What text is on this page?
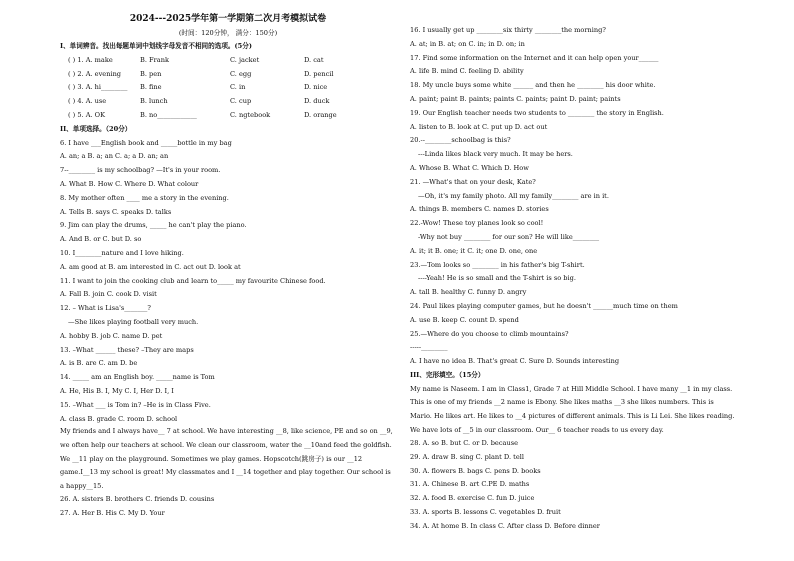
2024---2025学年第一学期第二次月考模拟试卷
(时间：120分钟， 满分：150分)
I、单词辨音。找出每题单词中划线字母发音不相同的选项。(5分)
( ) 1. A. make	B. Frank	C. jacket	D. cat
( ) 2. A. evening	B. pen	C. egg	D. pencil
( ) 3. A. hi________ B. fine	C. in	D. nice
( ) 4. A. use	B. lunch	C. cup	D. duck
( ) 5. A. OK	B. no____________	C. ngtebook	D. orange
II、单项选择。（20分）
6. I have ___English book and _____bottle in my bag
A. an; a B. a; an C. a; a D. an; an
7--________ is my schoolbag? —It's in your room.
A. What B. How C. Where D. What colour
8. My mother often ____ me a story in the evening.
A. Tells B. says C. speaks D. talks
9. Jim can play the drums, _____ he can't play the piano.
A. And B. or C. but D. so
10. I________nature and I love hiking.
A. am good at B. am interested in C. act out D. look at
11. I want to join the cooking club and learn to_____ my favourite Chinese food.
A. Fall B. join C. cook D. visit
12. – What is Lisa's_______?
—She likes playing football very much.
A. hobby B. job C. name D. pet
13. –What ______ these? –They are maps
A. is B. are C. am D. be
14. _____ am an English boy. _____name is Tom
A. He, His B. I, My C. I, Her D. I, I
15. –What ___ is Tom in? –He is in Class Five.
A. class B. grade C. room D. school
My friends and I always have__ 7 at school. We have interesting __8, like science, PE and so on __9, we often help our teachers at school. We clean our classroom, water the __10and feed the goldfish. We __11 play on the playground. Sometimes we play games. Hopscotch(跳房子) is our __12 game.I__13 my school is great! My classmates and I __14 together and play together. Our school is a happy__15.
26. A. sisters B. brothers C. friends D. cousins
27. A. Her B. His C. My D. Your
16. I usually get up ________six thirty ________the morning?
A. at; in B. at; on C. in; in D. on; in
17. Find some information on the Internet and it can help open your______
A. life B. mind C. feeling D. ability
18. My uncle buys some white ______ and then he ________ his door white.
A. paint; paint B. paints; paints C. paints; paint D. paint; paints
19. Our English teacher needs two students to ________ the story in English.
A. listen to B. look at C. put up D. act out
20.--________schoolbag is this?
---Linda likes black very much. It may be hers.
A. Whose B. What C. Which D. How
21. —What's that on your desk, Kate?
—Oh, it's my family photo. All my family________ are in it.
A. things B. members C. names D. stories
22.-Wow! These toy planes look so cool!
-Why not buy ________ for our son? He will like________
A. it; it B. one; it C. it; one D. one, one
23.—Tom looks so ________ in his father's big T-shirt.
----Yeah! He is so small and the T-shirt is so big.
A. tall B. healthy C. funny D. angry
24. Paul likes playing computer games, but he doesn't ______much time on them
A. use B. keep C. count D. spend
25.—Where do you choose to climb mountains?
-----________
A. I have no idea B. That's great C. Sure D. Sounds interesting
III、完形填空。（15分）
My name is Naseem. I am in Class1, Grade 7 at Hill Middle School. I have many __1 in my class. This is one of my friends __2 name is Ebony. She likes maths __3 she likes numbers. This is Mario. He likes art. He likes to __4 pictures of different animals. This is Li Lei. She likes reading. We have lots of __5 in our classroom. Our__ 6 teacher reads to us every day.
28. A. so B. but C. or D. because
29. A. draw B. sing C. plant D. tell
30. A. flowers B. bags C. pens D. books
31. A. Chinese B. art C.PE D. maths
32. A. food B. exercise C. fun D. juice
33. A. sports B. lessons C. vegetables D. fruit
34. A. At home B. In class C. After class D. Before dinner
